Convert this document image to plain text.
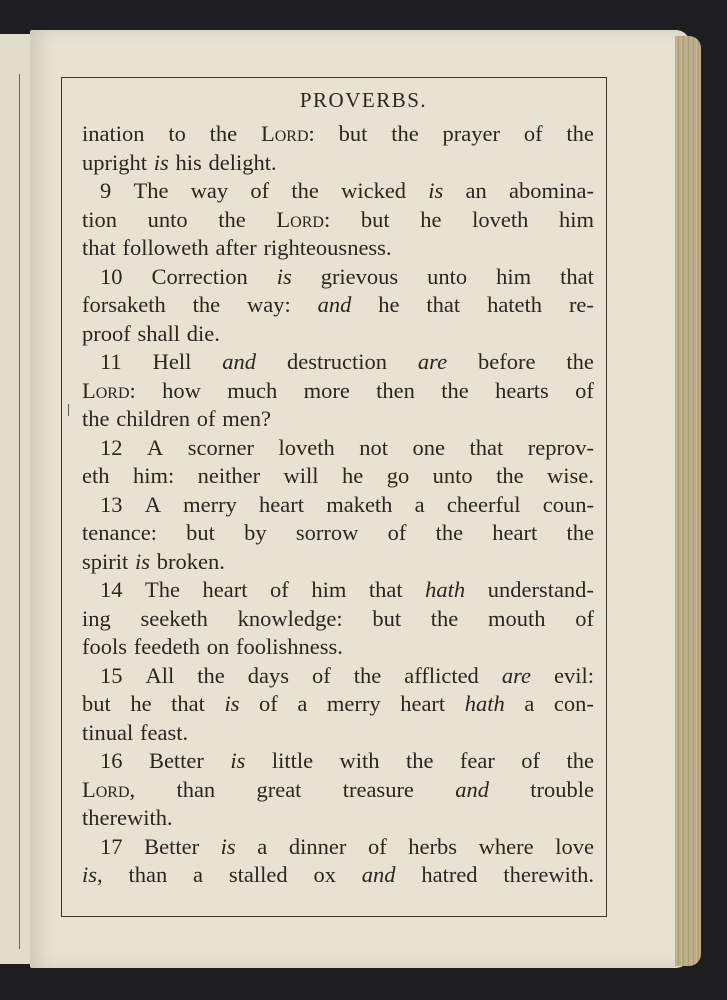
PROVERBS.
ination to the Lord: but the prayer of the
upright is his delight.
9 The way of the wicked is an abomina-
tion unto the Lord: but he loveth him
that followeth after righteousness.
10 Correction is grievous unto him that
forsaketh the way: and he that hateth re-
proof shall die.
11 Hell and destruction are before the
Lord: how much more then the hearts of
the children of men?
12 A scorner loveth not one that reprov-
eth him: neither will he go unto the wise.
13 A merry heart maketh a cheerful coun-
tenance: but by sorrow of the heart the
spirit is broken.
14 The heart of him that hath understand-
ing seeketh knowledge: but the mouth of
fools feedeth on foolishness.
15 All the days of the afflicted are evil:
but he that is of a merry heart hath a con-
tinual feast.
16 Better is little with the fear of the
Lord, than great treasure and trouble
therewith.
17 Better is a dinner of herbs where love
is, than a stalled ox and hatred therewith.
